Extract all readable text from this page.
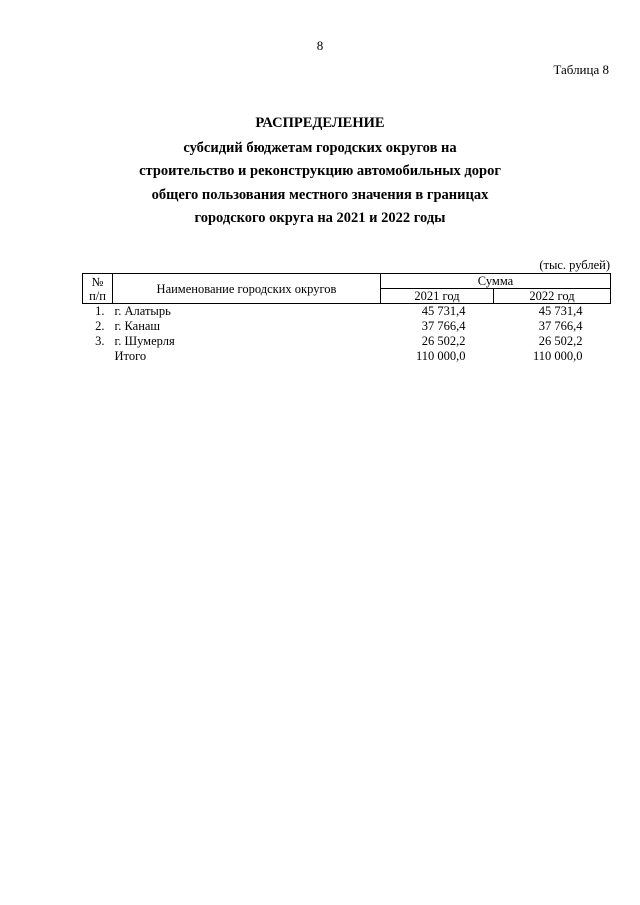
8
Таблица 8
РАСПРЕДЕЛЕНИЕ
субсидий бюджетам городских округов на
строительство и реконструкцию автомобильных дорог
общего пользования местного значения в границах
городского округа на 2021 и 2022 годы
(тыс. рублей)
№
п/п	Наименование городских округов	Сумма	
		2021 год	2022 год
1.	г. Алатырь	45 731,4	45 731,4
2.	г. Канаш	37 766,4	37 766,4
3.	г. Шумерля	26 502,2	26 502,2
	Итого	110 000,0	110 000,0
